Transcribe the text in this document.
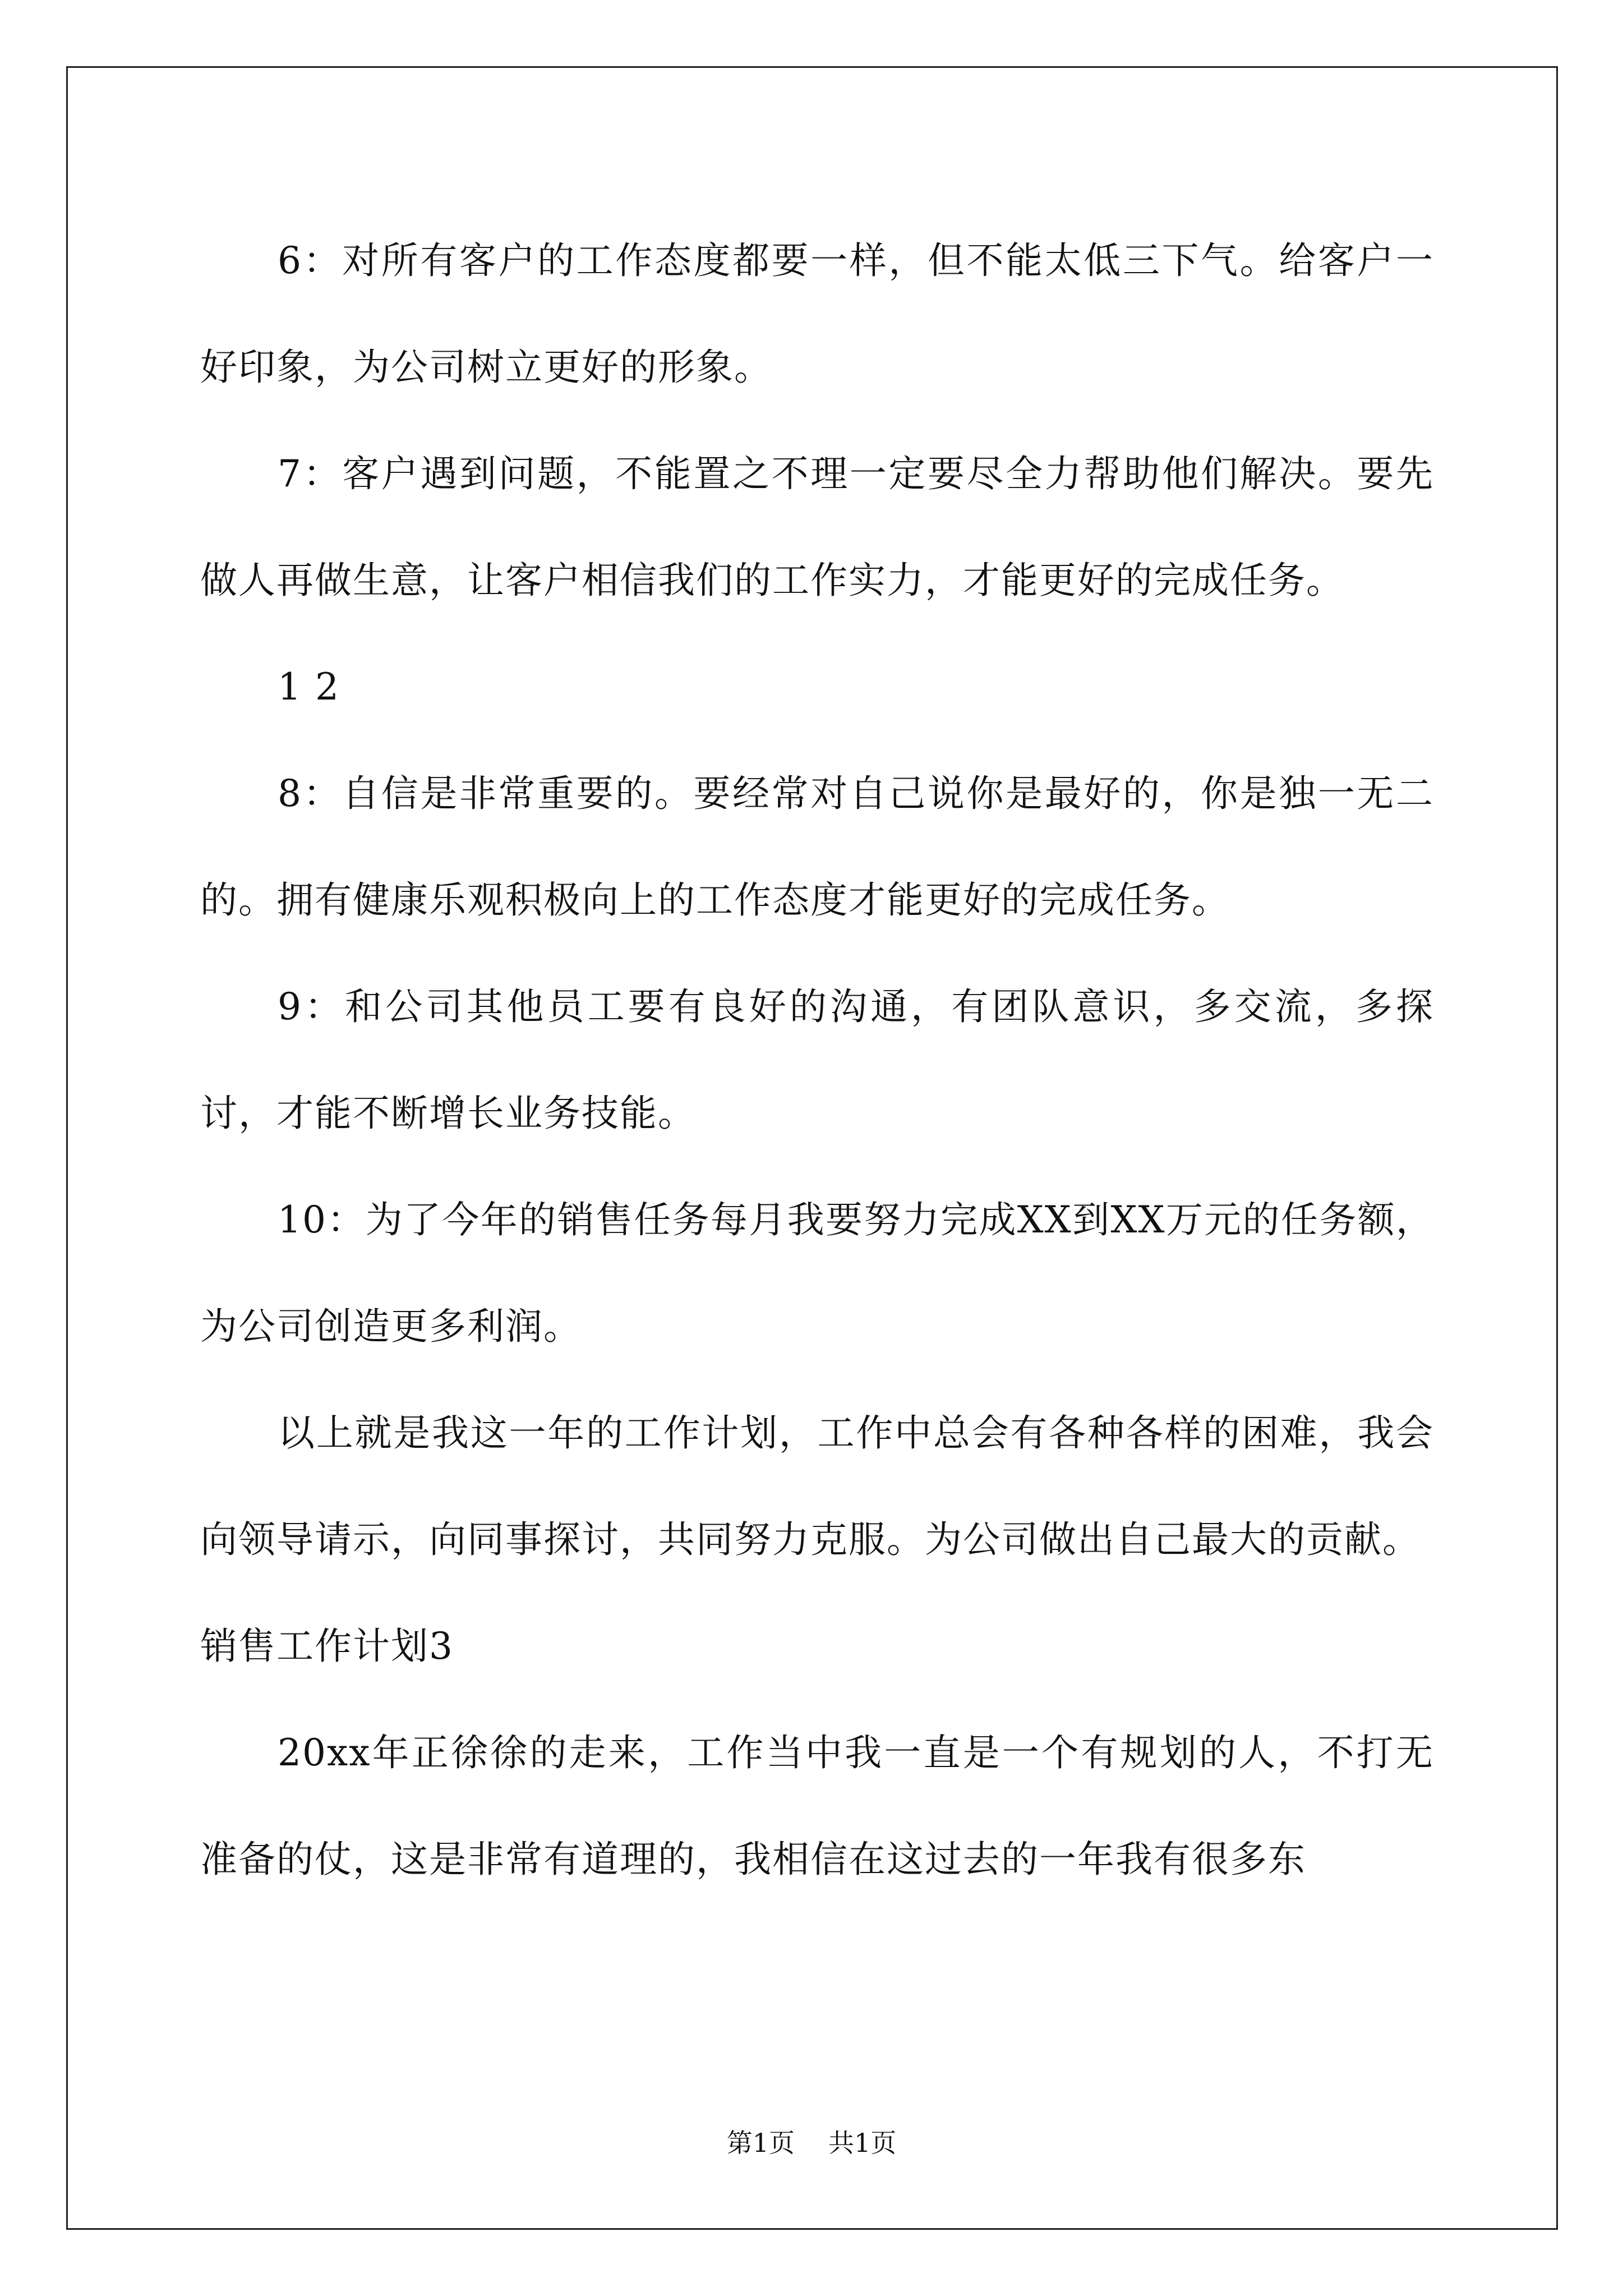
6：对所有客户的工作态度都要一样，但不能太低三下气。给客户一好印象，为公司树立更好的形象。

7：客户遇到问题，不能置之不理一定要尽全力帮助他们解决。要先做人再做生意，让客户相信我们的工作实力，才能更好的完成任务。

1 2

8：自信是非常重要的。要经常对自己说你是最好的，你是独一无二的。拥有健康乐观积极向上的工作态度才能更好的完成任务。

9：和公司其他员工要有良好的沟通，有团队意识，多交流，多探讨，才能不断增长业务技能。

10：为了今年的销售任务每月我要努力完成XX到XX万元的任务额，为公司创造更多利润。

以上就是我这一年的工作计划，工作中总会有各种各样的困难，我会向领导请示，向同事探讨，共同努力克服。为公司做出自己最大的贡献。

销售工作计划3

20xx年正徐徐的走来，工作当中我一直是一个有规划的人，不打无准备的仗，这是非常有道理的，我相信在这过去的一年我有很多东

第1页 共1页
